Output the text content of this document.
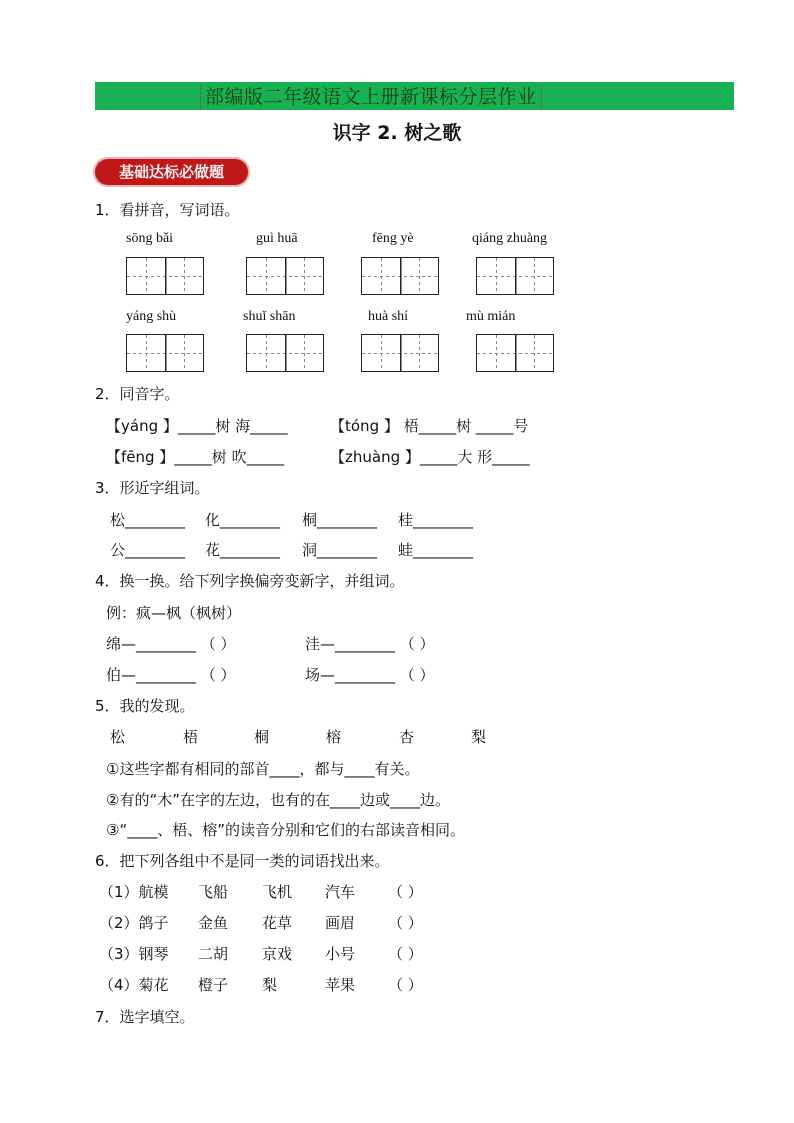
部编版二年级语文上册新课标分层作业
识字 2. 树之歌
基础达标必做题
1．看拼音，写词语。
sōng bǎi	guì huā	fēng yè	qiáng zhuàng
yáng shù	shuǐ shān	huà shí	mù mián
2．同音字。
【yáng 】_____树 海_____	【tóng 】 梧_____树 _____号
【fēng 】_____树 吹_____	【zhuàng 】_____大 形_____
3．形近字组词。
松________ 化________ 桐________ 桂________
公________ 花________ 洞________ 蛙________
4．换一换。给下列字换偏旁变新字，并组词。
例：疯—枫（枫树）
绵—________ （ ）	洼—________ （ ）
伯—________ （ ）	场—________ （ ）
5．我的发现。
松	梧	桐	榕	杏	梨
①这些字都有相同的部首____，都与____有关。
②有的“木”在字的左边，也有的在____边或____边。
③“____、梧、榕”的读音分别和它们的右部读音相同。
6．把下列各组中不是同一类的词语找出来。
（1）航模 飞船 飞机 汽车 （ ）
（2）鸽子 金鱼 花草 画眉 （ ）
（3）钢琴 二胡 京戏 小号 （ ）
（4）菊花 橙子 梨	苹果 （ ）
7．选字填空。
